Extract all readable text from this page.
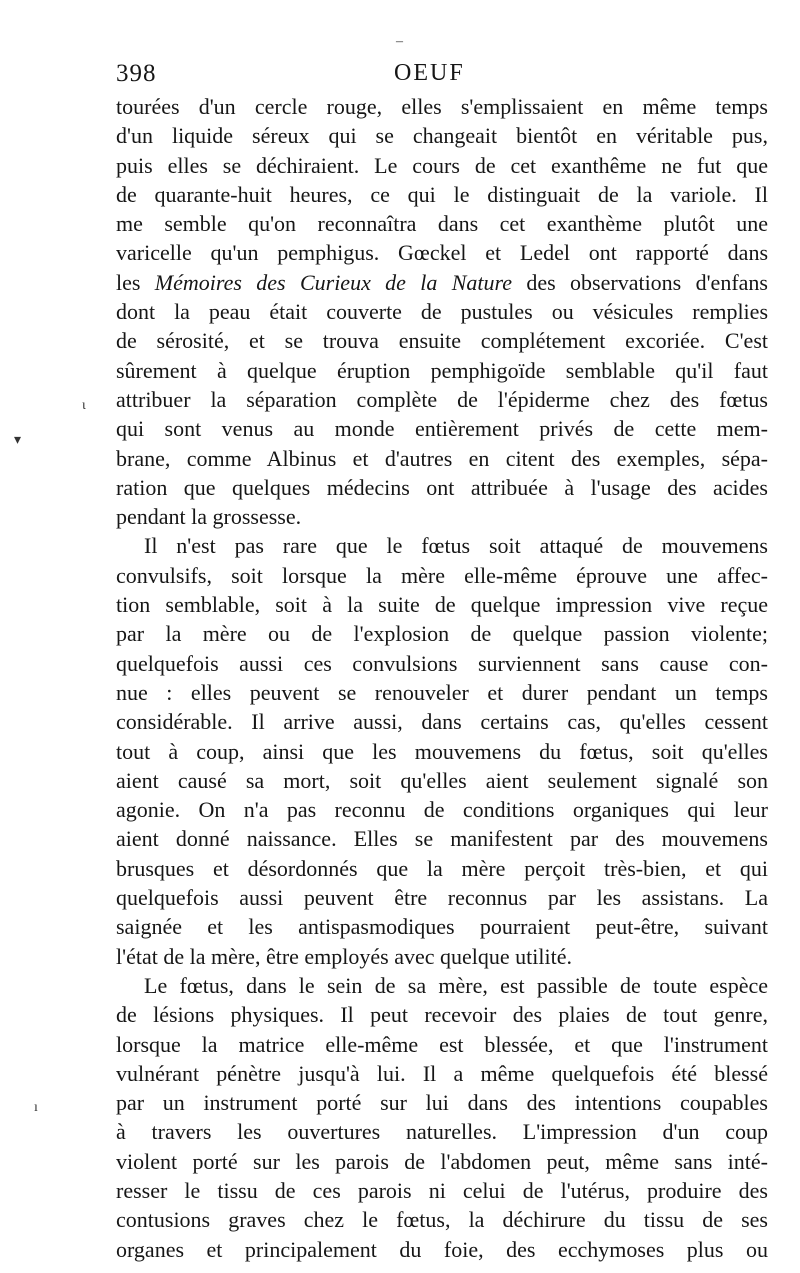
398	OEUF
–
ɩ
▾
ı
tourées d'un cercle rouge, elles s'emplissaient en même temps
d'un liquide séreux qui se changeait bientôt en véritable pus,
puis elles se déchiraient. Le cours de cet exanthême ne fut que
de quarante-huit heures, ce qui le distinguait de la variole. Il
me semble qu'on reconnaîtra dans cet exanthème plutôt une
varicelle qu'un pemphigus. Gœckel et Ledel ont rapporté dans
les Mémoires des Curieux de la Nature des observations d'enfans
dont la peau était couverte de pustules ou vésicules remplies
de sérosité, et se trouva ensuite complétement excoriée. C'est
sûrement à quelque éruption pemphigoïde semblable qu'il faut
attribuer la séparation complète de l'épiderme chez des fœtus
qui sont venus au monde entièrement privés de cette mem-
brane, comme Albinus et d'autres en citent des exemples, sépa-
ration que quelques médecins ont attribuée à l'usage des acides
pendant la grossesse.
Il n'est pas rare que le fœtus soit attaqué de mouvemens
convulsifs, soit lorsque la mère elle-même éprouve une affec-
tion semblable, soit à la suite de quelque impression vive reçue
par la mère ou de l'explosion de quelque passion violente;
quelquefois aussi ces convulsions surviennent sans cause con-
nue : elles peuvent se renouveler et durer pendant un temps
considérable. Il arrive aussi, dans certains cas, qu'elles cessent
tout à coup, ainsi que les mouvemens du fœtus, soit qu'elles
aient causé sa mort, soit qu'elles aient seulement signalé son
agonie. On n'a pas reconnu de conditions organiques qui leur
aient donné naissance. Elles se manifestent par des mouvemens
brusques et désordonnés que la mère perçoit très-bien, et qui
quelquefois aussi peuvent être reconnus par les assistans. La
saignée et les antispasmodiques pourraient peut-être, suivant
l'état de la mère, être employés avec quelque utilité.
Le fœtus, dans le sein de sa mère, est passible de toute espèce
de lésions physiques. Il peut recevoir des plaies de tout genre,
lorsque la matrice elle-même est blessée, et que l'instrument
vulnérant pénètre jusqu'à lui. Il a même quelquefois été blessé
par un instrument porté sur lui dans des intentions coupables
à travers les ouvertures naturelles. L'impression d'un coup
violent porté sur les parois de l'abdomen peut, même sans inté-
resser le tissu de ces parois ni celui de l'utérus, produire des
contusions graves chez le fœtus, la déchirure du tissu de ses
organes et principalement du foie, des ecchymoses plus ou
